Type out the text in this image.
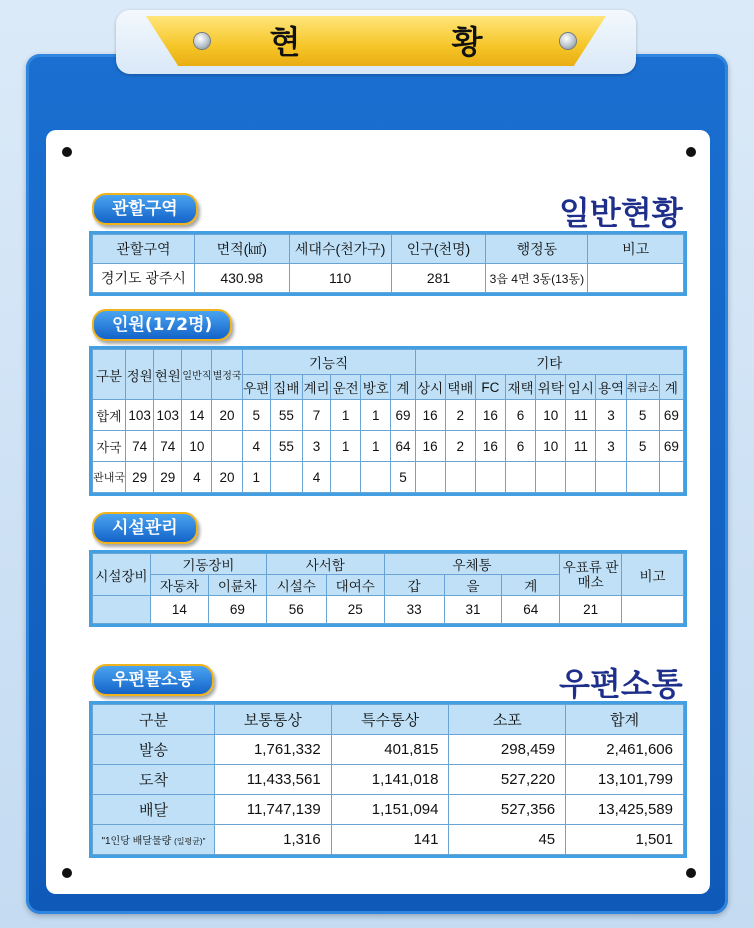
현 황
관할구역	일반현황
관할구역	면적(㎢)	세대수(천가구)	인구(천명)	행정동	비고
경기도 광주시	430.98	110	281	3읍 4면 3동(13동)	
인원(172명)
구분	정원	현원	일반직	별정국	기능직						기타								
					우편	집배	계리	운전	방호	계	상시	택배	FC	재택	위탁	임시	용역	취급소	계
합계	103	103	14	20	5	55	7	1	1	69	16	2	16	6	10	11	3	5	69
자국	74	74	10		4	55	3	1	1	64	16	2	16	6	10	11	3	5	69
관내국	29	29	4	20	1		4			5									
시설관리
시설장비	기동장비		사서함		우체통			우표류 판매소	비고
	자동차	이륜차	시설수	대여수	갑	을	계		
	14	69	56	25	33	31	64	21	
우편물소통	우편소통
구분	보통통상	특수통상	소포	합계
발송	1,761,332	401,815	298,459	2,461,606
도착	11,433,561	1,141,018	527,220	13,101,799
배달	11,747,139	1,151,094	527,356	13,425,589
"1인당 배달물량 (일평균)"	1,316	141	45	1,501
